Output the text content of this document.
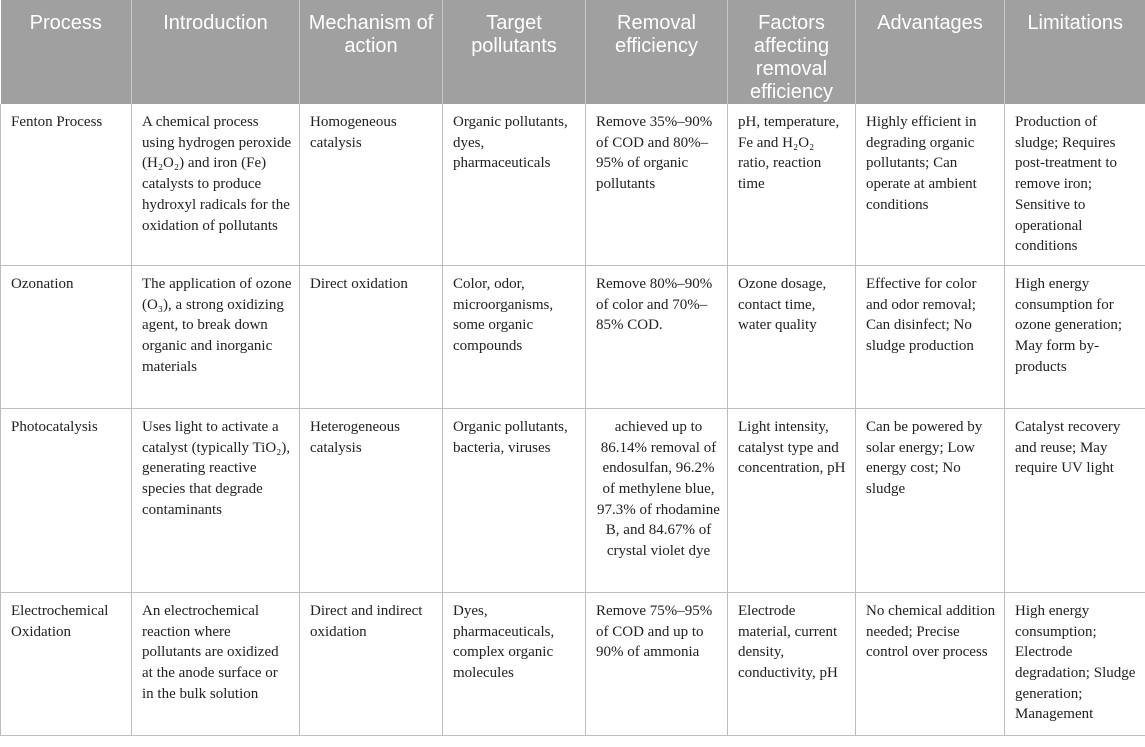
Process	Introduction	Mechanism of action	Target pollutants	Removal efficiency	Factors affecting removal efficiency	Advantages	Limitations
Fenton Process	A chemical process using hydrogen peroxide (H₂O₂) and iron (Fe) catalysts to produce hydroxyl radicals for the oxidation of pollutants	Homogeneous catalysis	Organic pollutants, dyes, pharmaceuticals	Remove 35%–90% of COD and 80%–95% of organic pollutants	pH, temperature, Fe and H₂O₂ ratio, reaction time	Highly efficient in degrading organic pollutants; Can operate at ambient conditions	Production of sludge; Requires post-treatment to remove iron; Sensitive to operational conditions
Ozonation	The application of ozone (O₃), a strong oxidizing agent, to break down organic and inorganic materials	Direct oxidation	Color, odor, microorganisms, some organic compounds	Remove 80%–90% of color and 70%–85% COD.	Ozone dosage, contact time, water quality	Effective for color and odor removal; Can disinfect; No sludge production	High energy consumption for ozone generation; May form by-products
Photocatalysis	Uses light to activate a catalyst (typically TiO₂), generating reactive species that degrade contaminants	Heterogeneous catalysis	Organic pollutants, bacteria, viruses	achieved up to 86.14% removal of endosulfan, 96.2% of methylene blue, 97.3% of rhodamine B, and 84.67% of crystal violet dye	Light intensity, catalyst type and concentration, pH	Can be powered by solar energy; Low energy cost; No sludge	Catalyst recovery and reuse; May require UV light
Electrochemical Oxidation	An electrochemical reaction where pollutants are oxidized at the anode surface or in the bulk solution	Direct and indirect oxidation	Dyes, pharmaceuticals, complex organic molecules	Remove 75%–95% of COD and up to 90% of ammonia	Electrode material, current density, conductivity, pH	No chemical addition needed; Precise control over process	High energy consumption; Electrode degradation; Sludge generation; Management
